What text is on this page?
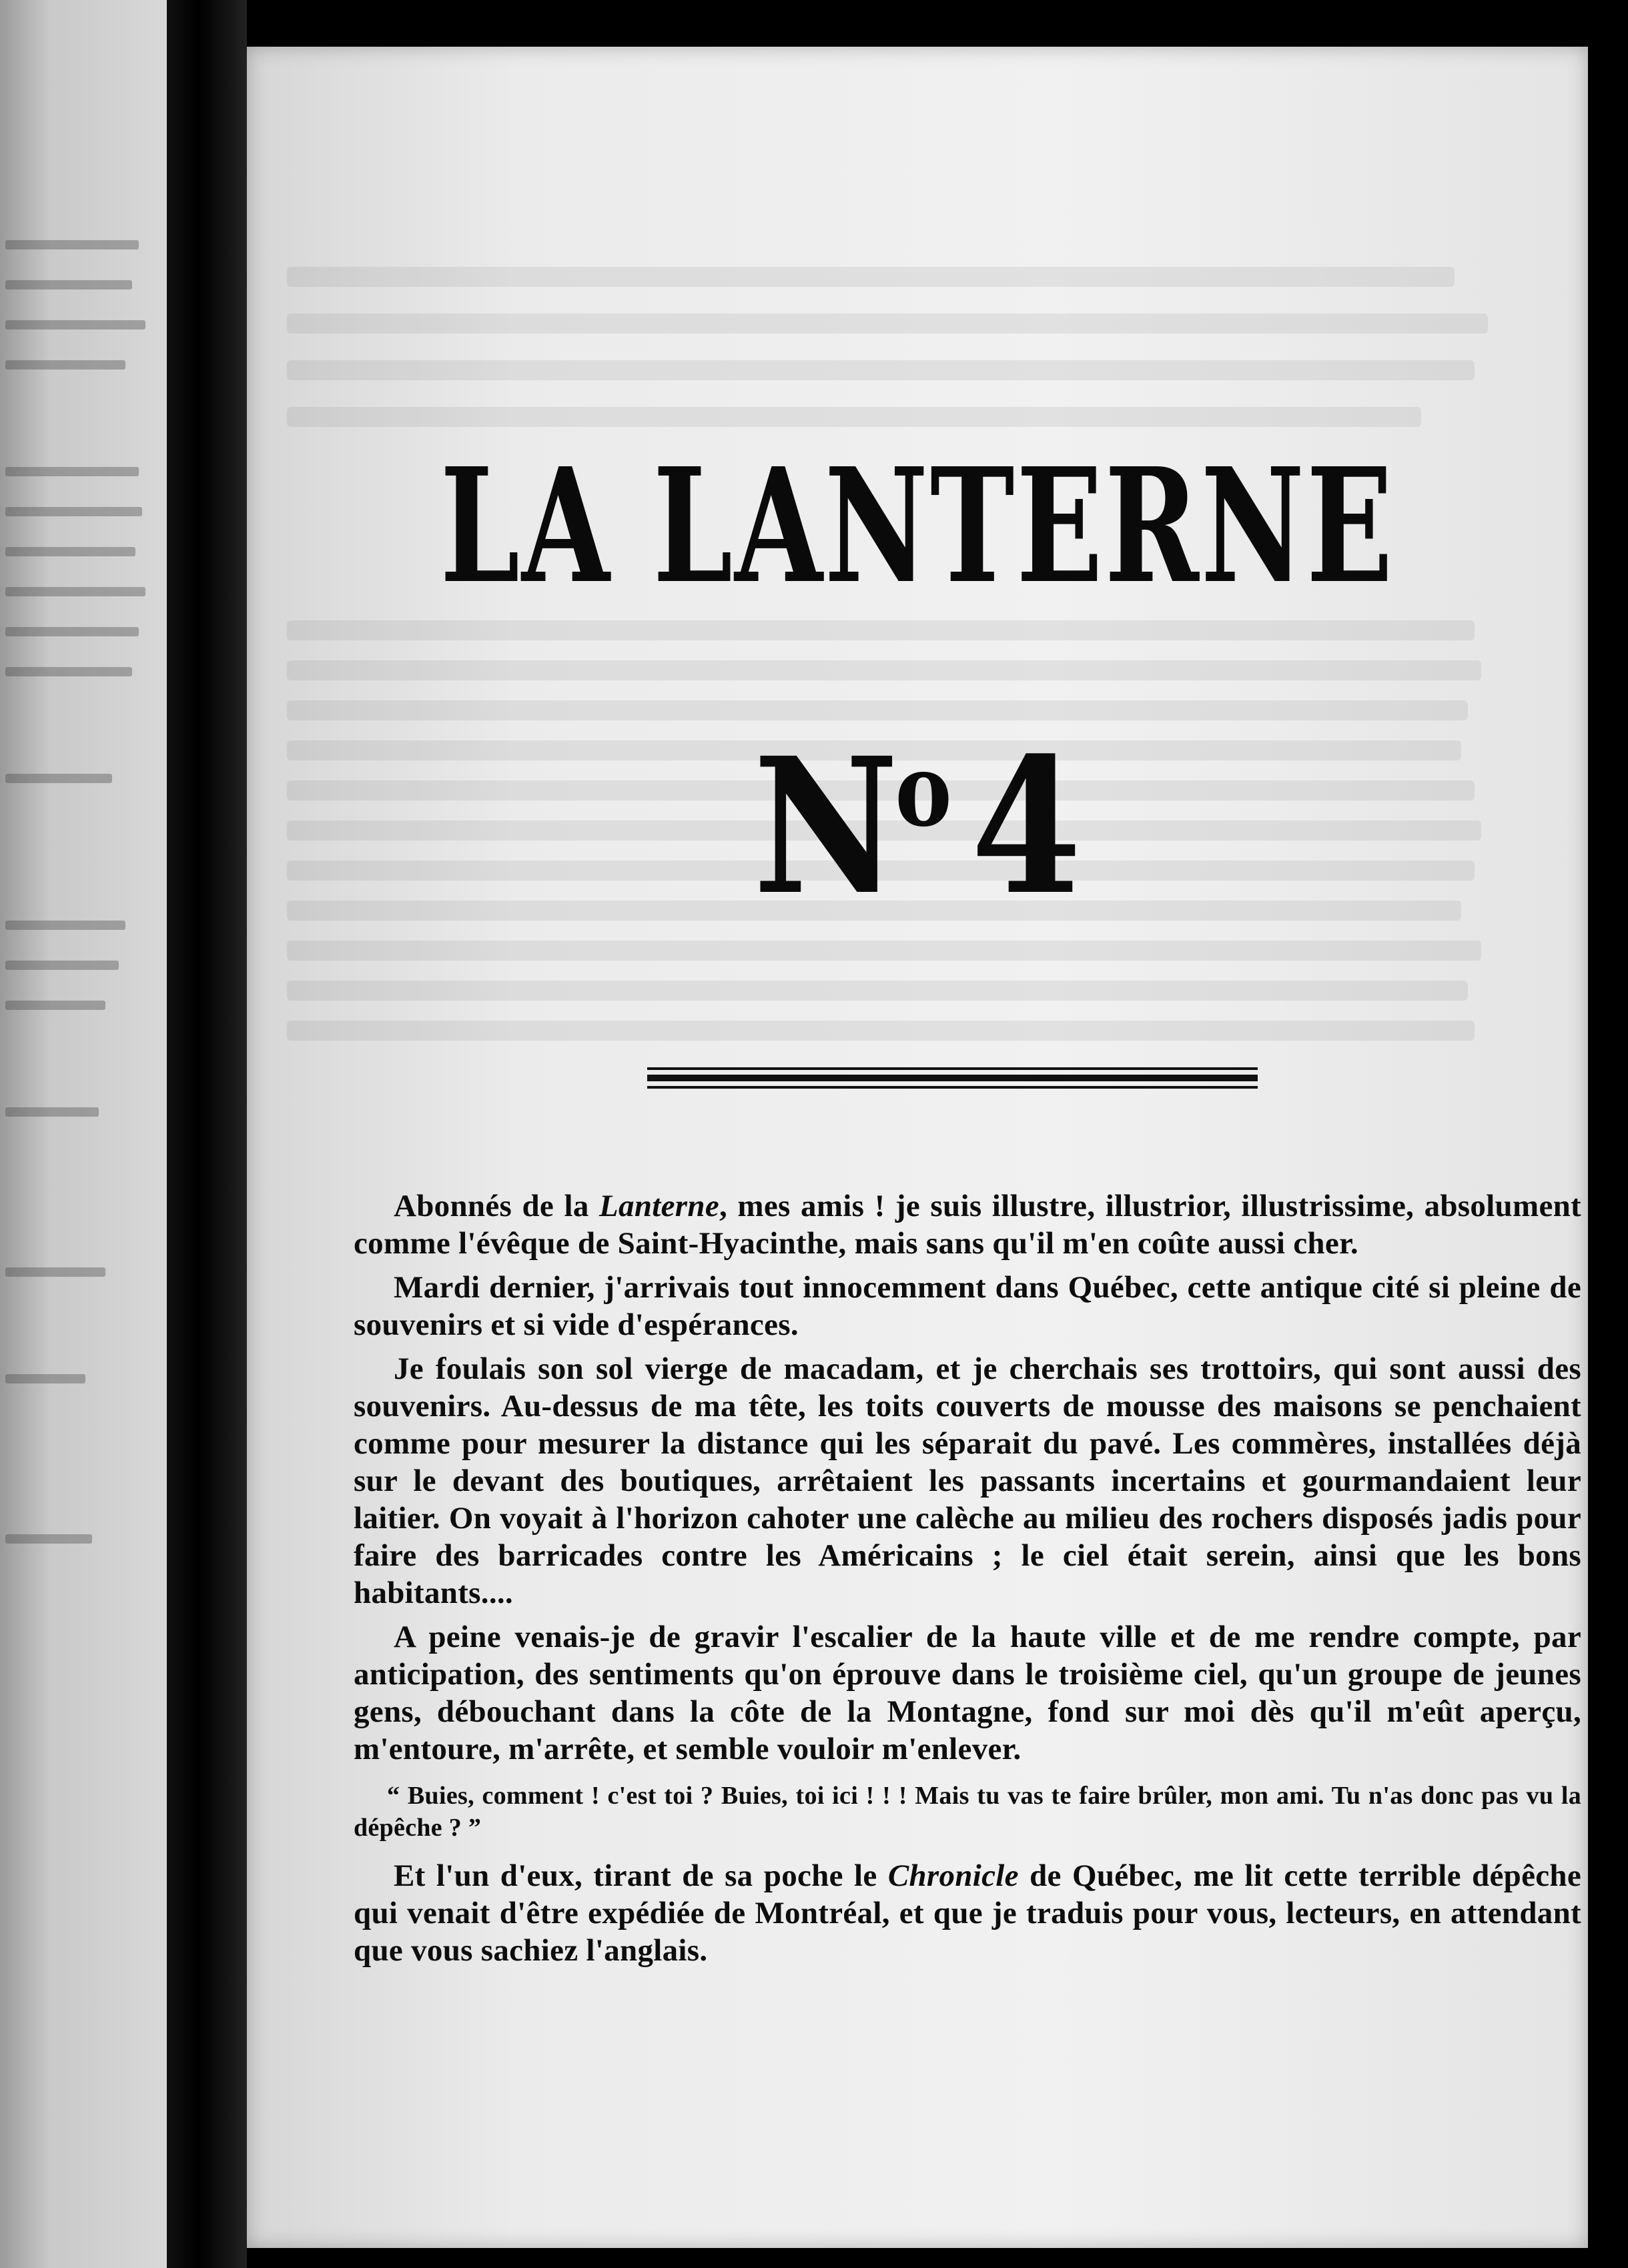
LA LANTERNE
$N^o$  4

Abonnés de la Lanterne, mes amis ! je suis illustre, illustrior, illustrissime, absolument comme l'évêque de Saint-Hyacinthe, mais sans qu'il m'en coûte aussi cher.

Mardi dernier, j'arrivais tout innocemment dans Québec, cette antique cité si pleine de souvenirs et si vide d'espérances.

Je foulais son sol vierge de macadam, et je cherchais ses trottoirs, qui sont aussi des souvenirs. Au-dessus de ma tête, les toits couverts de mousse des maisons se penchaient comme pour mesurer la distance qui les séparait du pavé. Les commères, installées déjà sur le devant des boutiques, arrêtaient les passants incertains et gourmandaient leur laitier. On voyait à l'horizon cahoter une calèche au milieu des rochers disposés jadis pour faire des barricades contre les Américains ; le ciel était serein, ainsi que les bons habitants....

A peine venais-je de gravir l'escalier de la haute ville et de me rendre compte, par anticipation, des sentiments qu'on éprouve dans le troisième ciel, qu'un groupe de jeunes gens, débouchant dans la côte de la Montagne, fond sur moi dès qu'il m'eût aperçu, m'entoure, m'arrête, et semble vouloir m'enlever.

“ Buies, comment ! c'est toi ? Buies, toi ici ! ! ! Mais tu vas te faire brûler, mon ami. Tu n'as donc pas vu la dépêche ? ”

Et l'un d'eux, tirant de sa poche le Chronicle de Québec, me lit cette terrible dépêche qui venait d'être expédiée de Montréal, et que je traduis pour vous, lecteurs, en attendant que vous sachiez l'anglais.
